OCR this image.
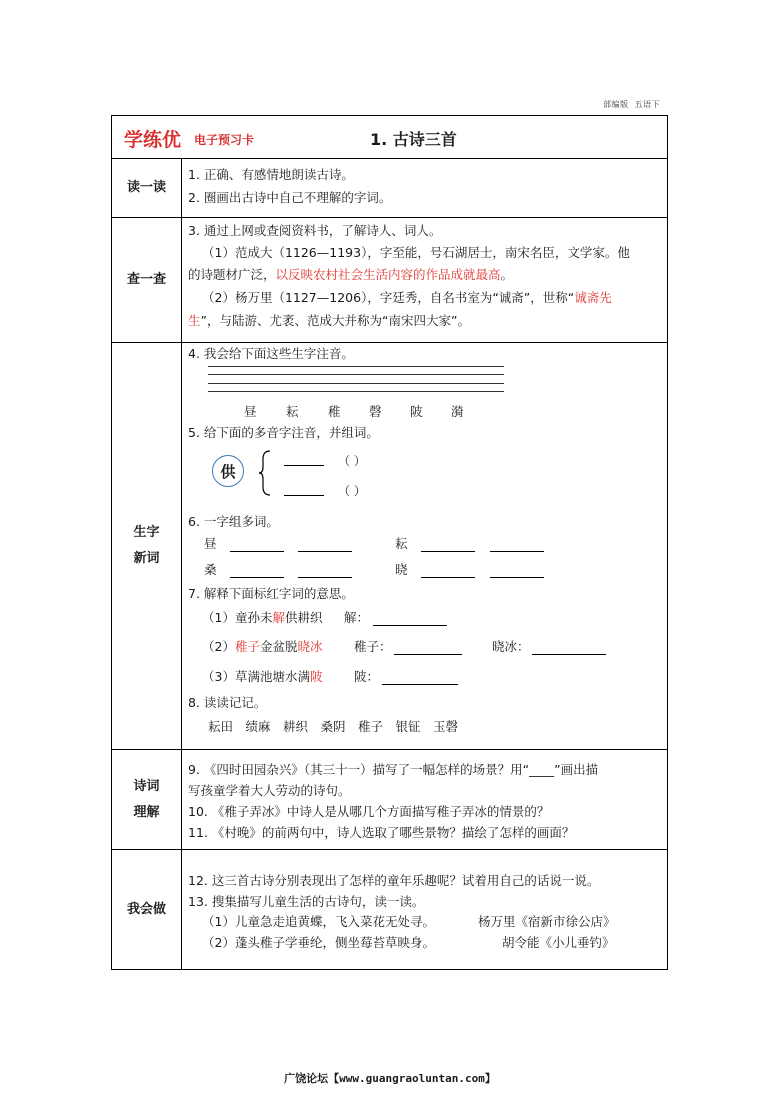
部编版 五语下
学练优 电子预习卡	1. 古诗三首
读一读
1. 正确、有感情地朗读古诗。
2. 圈画出古诗中自己不理解的字词。
查一查
3. 通过上网或查阅资料书，了解诗人、词人。
（1）范成大（1126—1193），字至能，号石湖居士，南宋名臣，文学家。他
的诗题材广泛，以反映农村社会生活内容的作品成就最高。
（2）杨万里（1127—1206），字廷秀，自名书室为“诚斋”，世称“诚斋先
生”，与陆游、尤袤、范成大并称为“南宋四大家”。
生字
新词
4. 我会给下面这些生字注音。
昼 耘 稚 磬 陂 漪
5. 给下面的多音字注音，并组词。
供
（ ）
（ ）
6. 一字组多词。
昼	耘
桑	晓
7. 解释下面标红字词的意思。
（1）童孙未解供耕织 解：
（2）稚子金盆脱晓冰	稚子：	晓冰：
（3）草满池塘水满陂	陂：
8. 读读记记。
耘田　绩麻　耕织　桑阴　稚子　银钲　玉磬
诗词
理解
9. 《四时田园杂兴》（其三十一）描写了一幅怎样的场景？用“____”画出描
写孩童学着大人劳动的诗句。
10. 《稚子弄冰》中诗人是从哪几个方面描写稚子弄冰的情景的？
11. 《村晚》的前两句中，诗人选取了哪些景物？描绘了怎样的画面？
我会做
12. 这三首古诗分别表现出了怎样的童年乐趣呢？试着用自己的话说一说。
13. 搜集描写儿童生活的古诗句，读一读。
（1）儿童急走追黄蝶，飞入菜花无处寻。	杨万里《宿新市徐公店》
（2）蓬头稚子学垂纶，侧坐莓苔草映身。	胡令能《小儿垂钓》
广饶论坛【www.guangraoluntan.com】
